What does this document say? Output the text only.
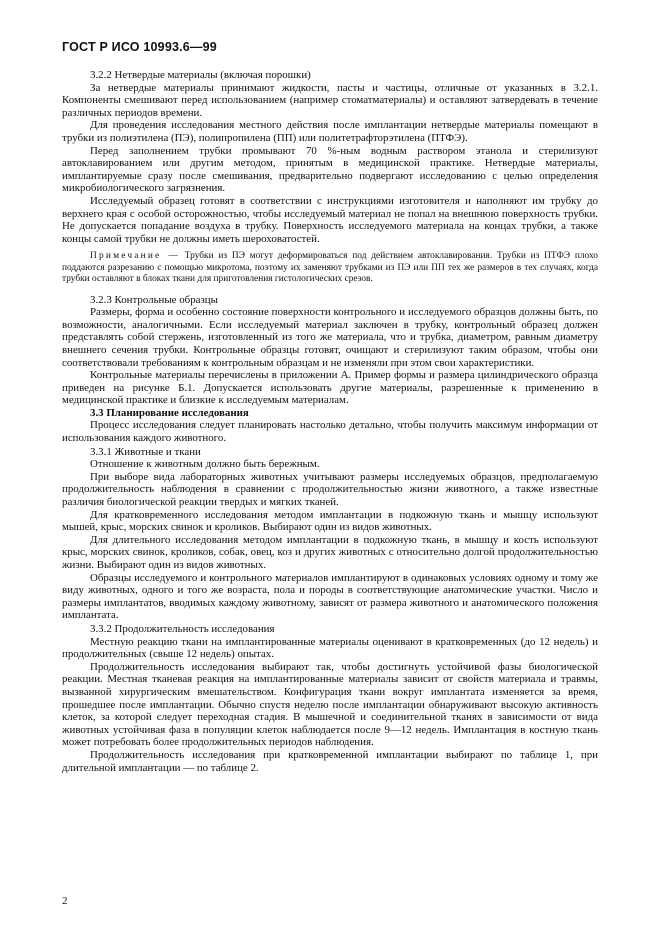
ГОСТ Р ИСО 10993.6—99

3.2.2 Нетвердые материалы (включая порошки)

За нетвердые материалы принимают жидкости, пасты и частицы, отличные от указанных в 3.2.1. Компоненты смешивают перед использованием (например стоматматериалы) и оставляют затвердевать в течение различных периодов времени.

Для проведения исследования местного действия после имплантации нетвердые материалы помещают в трубки из полиэтилена (ПЭ), полипропилена (ПП) или политетрафторэтилена (ПТФЭ).

Перед заполнением трубки промывают 70 %-ным водным раствором этанола и стерилизуют автоклавированием или другим методом, принятым в медицинской практике. Нетвердые материалы, имплантируемые сразу после смешивания, предварительно подвергают исследованию с целью определения микробиологического загрязнения.

Исследуемый образец готовят в соответствии с инструкциями изготовителя и наполняют им трубку до верхнего края с особой осторожностью, чтобы исследуемый материал не попал на внешнюю поверхность трубки. Не допускается попадание воздуха в трубку. Поверхность исследуемого материала на концах трубки, а также концы самой трубки не должны иметь шероховатостей.

Примечание — Трубки из ПЭ могут деформироваться под действием автоклавирования. Трубки из ПТФЭ плохо поддаются разрезанию с помощью микротома, поэтому их заменяют трубками из ПЭ или ПП тех же размеров в тех случаях, когда трубки оставляют в блоках ткани для приготовления гистологических срезов.

3.2.3 Контрольные образцы

Размеры, форма и особенно состояние поверхности контрольного и исследуемого образцов должны быть, по возможности, аналогичными. Если исследуемый материал заключен в трубку, контрольный образец должен представлять собой стержень, изготовленный из того же материала, что и трубка, диаметром, равным диаметру внешнего сечения трубки. Контрольные образцы готовят, очищают и стерилизуют таким образом, чтобы они соответствовали требованиям к контрольным образцам и не изменяли при этом свои характеристики.

Контрольные материалы перечислены в приложении А. Пример формы и размера цилиндрического образца приведен на рисунке Б.1. Допускается использовать другие материалы, разрешенные к применению в медицинской практике и близкие к исследуемым материалам.

3.3 Планирование исследования

Процесс исследования следует планировать настолько детально, чтобы получить максимум информации от использования каждого животного.

3.3.1 Животные и ткани

Отношение к животным должно быть бережным.

При выборе вида лабораторных животных учитывают размеры исследуемых образцов, предполагаемую продолжительность наблюдения в сравнении с продолжительностью жизни животного, а также известные различия биологической реакции твердых и мягких тканей.

Для кратковременного исследования методом имплантации в подкожную ткань и мышцу используют мышей, крыс, морских свинок и кроликов. Выбирают один из видов животных.

Для длительного исследования методом имплантации в подкожную ткань, в мышцу и кость используют крыс, морских свинок, кроликов, собак, овец, коз и других животных с относительно долгой продолжительностью жизни. Выбирают один из видов животных.

Образцы исследуемого и контрольного материалов имплантируют в одинаковых условиях одному и тому же виду животных, одного и того же возраста, пола и породы в соответствующие анатомические участки. Число и размеры имплантатов, вводимых каждому животному, зависят от размера животного и анатомического положения имплантата.

3.3.2 Продолжительность исследования

Местную реакцию ткани на имплантированные материалы оценивают в кратковременных (до 12 недель) и продолжительных (свыше 12 недель) опытах.

Продолжительность исследования выбирают так, чтобы достигнуть устойчивой фазы биологической реакции. Местная тканевая реакция на имплантированные материалы зависит от свойств материала и травмы, вызванной хирургическим вмешательством. Конфигурация ткани вокруг имплантата изменяется за время, прошедшее после имплантации. Обычно спустя неделю после имплантации обнаруживают высокую активность клеток, за которой следует переходная стадия. В мышечной и соединительной тканях в зависимости от вида животных устойчивая фаза в популяции клеток наблюдается после 9—12 недель. Имплантация в костную ткань может потребовать более продолжительных периодов наблюдения.

Продолжительность исследования при кратковременной имплантации выбирают по таблице 1, при длительной имплантации — по таблице 2.

2
